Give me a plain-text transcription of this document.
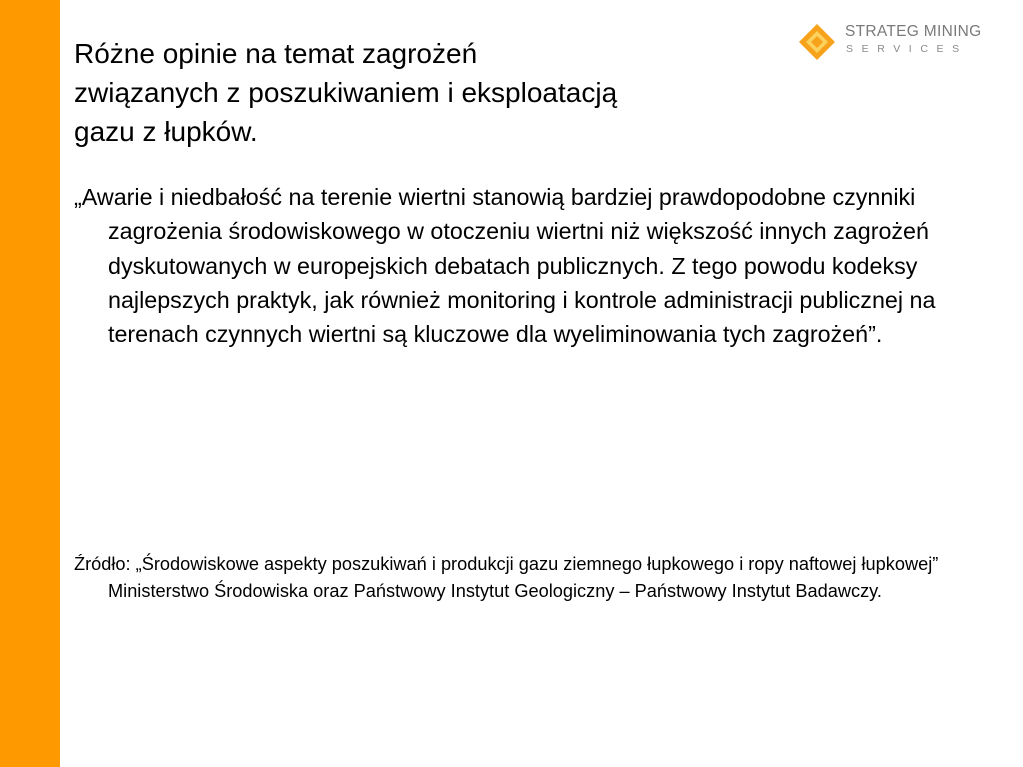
STRATEG MINING
SERVICES
Różne opinie na temat zagrożeń
związanych z poszukiwaniem i eksploatacją
gazu z łupków.

„Awarie i niedbałość na terenie wiertni stanowią bardziej prawdopodobne czynniki zagrożenia środowiskowego w otoczeniu wiertni niż większość innych zagrożeń dyskutowanych w europejskich debatach publicznych. Z tego powodu kodeksy najlepszych praktyk, jak również monitoring i kontrole administracji publicznej na terenach czynnych wiertni są kluczowe dla wyeliminowania tych zagrożeń”.

Źródło: „Środowiskowe aspekty poszukiwań i produkcji gazu ziemnego łupkowego i ropy naftowej łupkowej” Ministerstwo Środowiska oraz Państwowy Instytut Geologiczny – Państwowy Instytut Badawczy.
